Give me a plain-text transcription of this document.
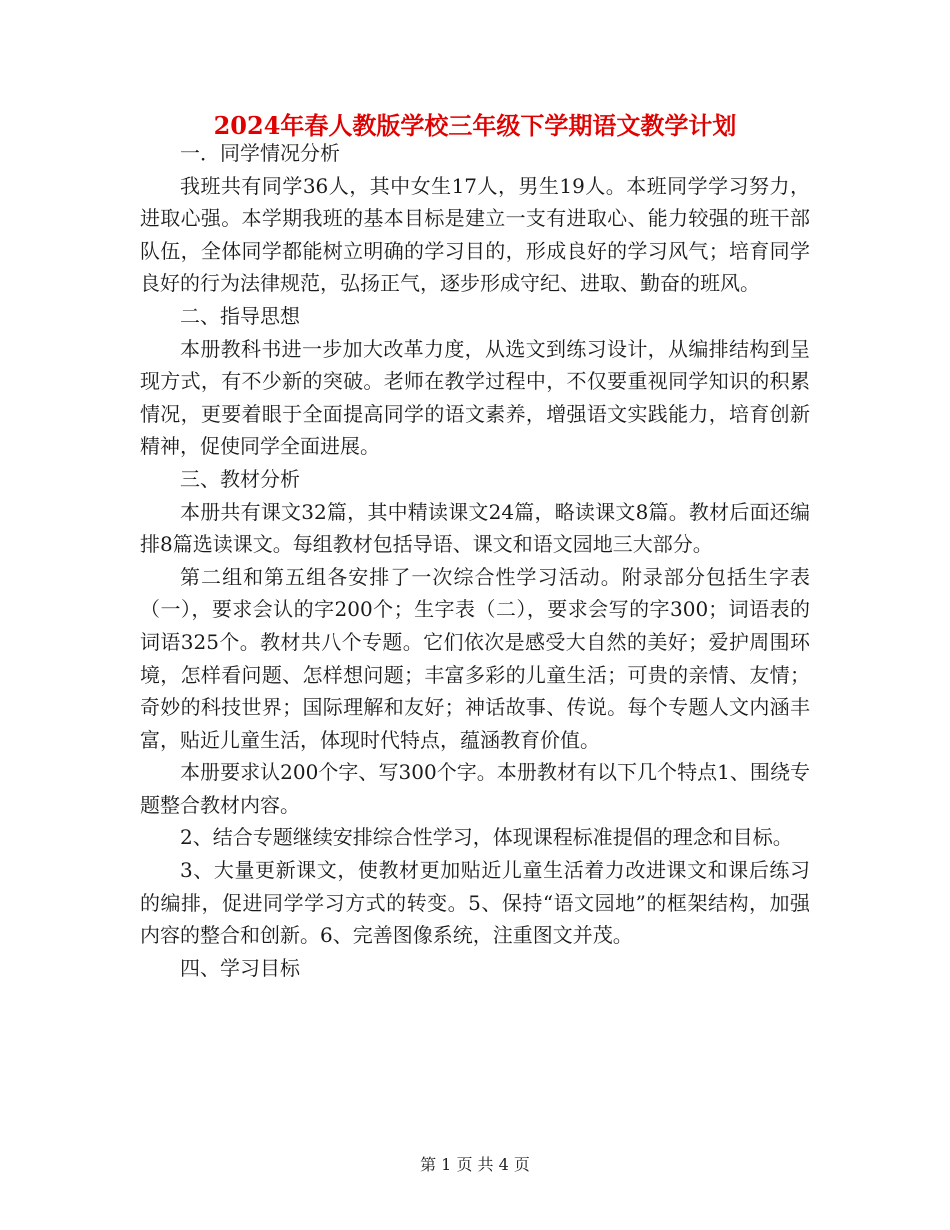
2024年春人教版学校三年级下学期语文教学计划
一．同学情况分析

我班共有同学36人，其中女生17人，男生19人。本班同学学习努力，进取心强。本学期我班的基本目标是建立一支有进取心、能力较强的班干部队伍，全体同学都能树立明确的学习目的，形成良好的学习风气；培育同学良好的行为法律规范，弘扬正气，逐步形成守纪、进取、勤奋的班风。

二、指导思想

本册教科书进一步加大改革力度，从选文到练习设计，从编排结构到呈现方式，有不少新的突破。老师在教学过程中，不仅要重视同学知识的积累情况，更要着眼于全面提高同学的语文素养，增强语文实践能力，培育创新精神，促使同学全面进展。

三、教材分析

本册共有课文32篇，其中精读课文24篇，略读课文8篇。教材后面还编排8篇选读课文。每组教材包括导语、课文和语文园地三大部分。

第二组和第五组各安排了一次综合性学习活动。附录部分包括生字表（一），要求会认的字200个；生字表（二），要求会写的字300；词语表的词语325个。教材共八个专题。它们依次是感受大自然的美好；爱护周围环境，怎样看问题、怎样想问题；丰富多彩的儿童生活；可贵的亲情、友情；奇妙的科技世界；国际理解和友好；神话故事、传说。每个专题人文内涵丰富，贴近儿童生活，体现时代特点，蕴涵教育价值。

本册要求认200个字、写300个字。本册教材有以下几个特点1、围绕专题整合教材内容。

2、结合专题继续安排综合性学习，体现课程标准提倡的理念和目标。

3、大量更新课文，使教材更加贴近儿童生活着力改进课文和课后练习的编排，促进同学学习方式的转变。5、保持“语文园地”的框架结构，加强内容的整合和创新。6、完善图像系统，注重图文并茂。

四、学习目标
第 1 页 共 4 页
